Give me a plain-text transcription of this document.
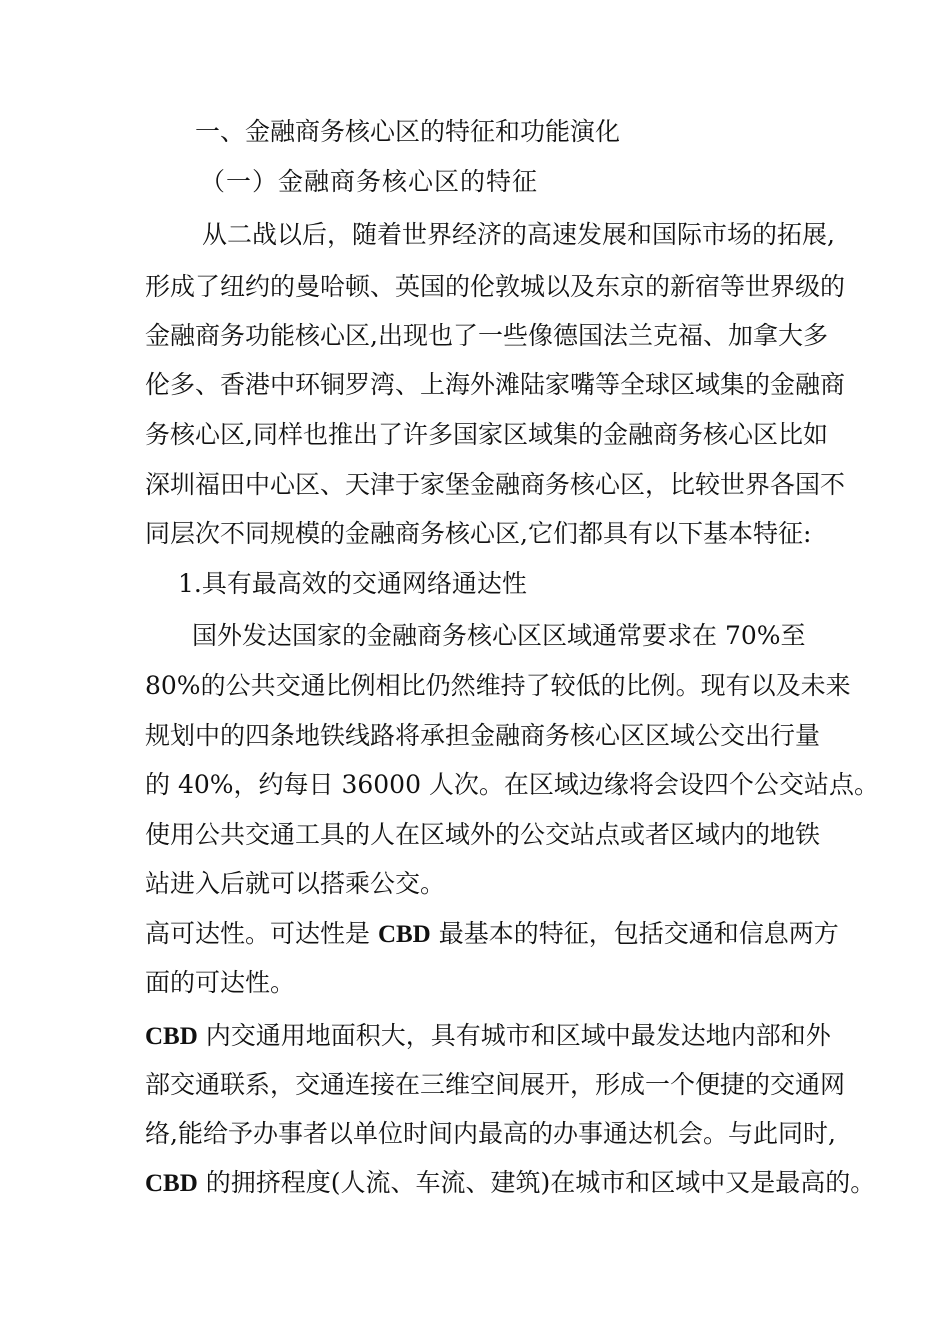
一、金融商务核心区的特征和功能演化
（一）金融商务核心区的特征
从二战以后，随着世界经济的高速发展和国际市场的拓展,
形成了纽约的曼哈顿、英国的伦敦城以及东京的新宿等世界级的
金融商务功能核心区,出现也了一些像德国法兰克福、加拿大多
伦多、香港中环铜罗湾、上海外滩陆家嘴等全球区域集的金融商
务核心区,同样也推出了许多国家区域集的金融商务核心区比如
深圳福田中心区、天津于家堡金融商务核心区，比较世界各国不
同层次不同规模的金融商务核心区,它们都具有以下基本特征:
1.具有最高效的交通网络通达性
国外发达国家的金融商务核心区区域通常要求在 70%至
80%的公共交通比例相比仍然维持了较低的比例。现有以及未来
规划中的四条地铁线路将承担金融商务核心区区域公交出行量
的 40%，约每日 36000 人次。在区域边缘将会设四个公交站点。
使用公共交通工具的人在区域外的公交站点或者区域内的地铁
站进入后就可以搭乘公交。
高可达性。可达性是 CBD 最基本的特征，包括交通和信息两方
面的可达性。
CBD 内交通用地面积大，具有城市和区域中最发达地内部和外
部交通联系，交通连接在三维空间展开，形成一个便捷的交通网
络,能给予办事者以单位时间内最高的办事通达机会。与此同时,
CBD 的拥挤程度(人流、车流、建筑)在城市和区域中又是最高的。
